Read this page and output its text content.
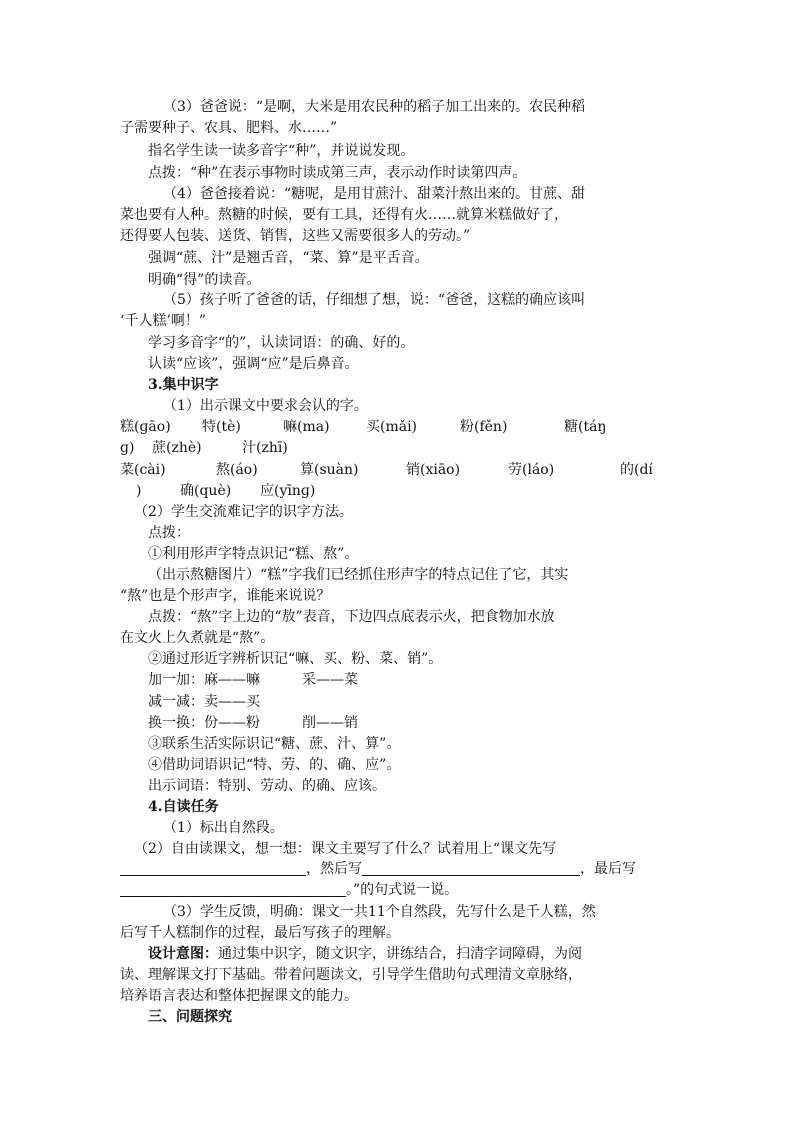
（3）爸爸说：“是啊，大米是用农民种的稻子加工出来的。农民种稻
子需要种子、农具、肥料、水……”
指名学生读一读多音字“种”，并说说发现。
点拨：“种”在表示事物时读成第三声，表示动作时读第四声。
（4）爸爸接着说：“糖呢，是用甘蔗汁、甜菜汁熬出来的。甘蔗、甜
菜也要有人种。熬糖的时候，要有工具，还得有火……就算米糕做好了，
还得要人包装、送货、销售，这些又需要很多人的劳动。”
强调“蔗、汁”是翘舌音，“菜、算”是平舌音。
明确“得”的读音。
（5）孩子听了爸爸的话，仔细想了想，说：“爸爸，这糕的确应该叫
‘千人糕’啊！”
学习多音字“的”，认读词语：的确、好的。
认读“应该”，强调“应”是后鼻音。
3.集中识字
（1）出示课文中要求会认的字。
糕(ɡāo) 特(tè)	嘛(ma)	买(mǎi)	粉(fěn)	糖(táŋ
ɡ) 蔗(zhè)	汁(zhī)
菜(cài)	熬(áo)	算(suàn)	销(xiāo)	劳(láo)	的(dí
)	确(què) 应(yīnɡ)
（2）学生交流难记字的识字方法。
点拨：
①利用形声字特点识记“糕、熬”。
（出示熬糖图片）“糕”字我们已经抓住形声字的特点记住了它，其实
“熬”也是个形声字，谁能来说说？
点拨：“熬”字上边的“敖”表音，下边四点底表示火，把食物加水放
在文火上久煮就是“熬”。
②通过形近字辨析识记“嘛、买、粉、菜、销”。
加一加：麻——嘛　　　采——菜
减一减：卖——买
换一换：份——粉　　　削——销
③联系生活实际识记“糖、蔗、汁、算”。
④借助词语识记“特、劳、的、确、应”。
出示词语：特别、劳动、的确、应该。
4.自读任务
（1）标出自然段。
（2）自由读课文，想一想：课文主要写了什么？试着用上“课文先写
，然后写	，最后写
。”的句式说一说。
（3）学生反馈，明确：课文一共11个自然段，先写什么是千人糕，然
后写千人糕制作的过程，最后写孩子的理解。
设计意图：通过集中识字，随文识字，讲练结合，扫清字词障碍，为阅
读、理解课文打下基础。带着问题读文，引导学生借助句式理清文章脉络，
培养语言表达和整体把握课文的能力。
三、问题探究
